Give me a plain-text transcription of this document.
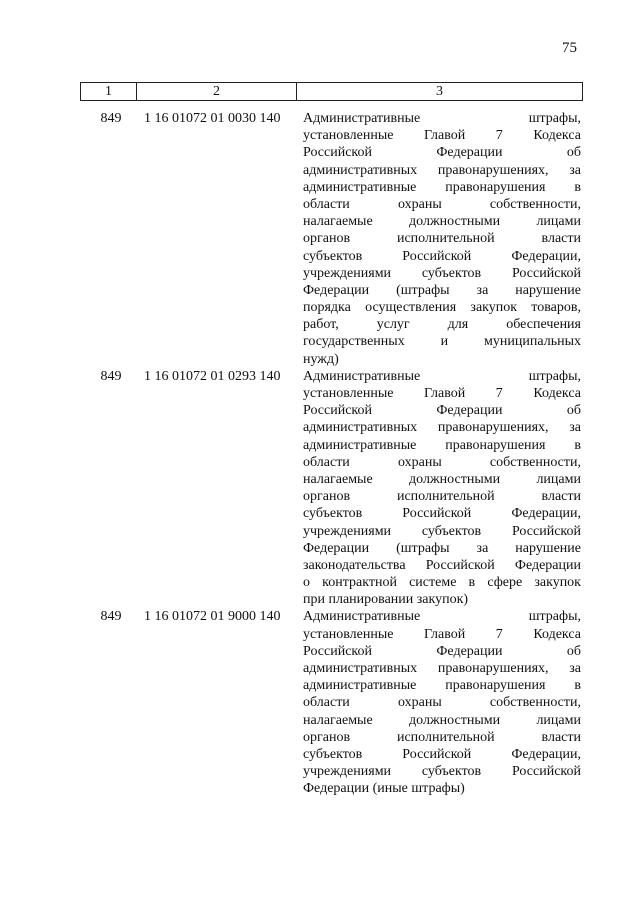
75
1	2	3
849	1 16 01072 01 0030 140	Административные штрафы,
установленные Главой 7 Кодекса
Российской Федерации об
административных правонарушениях, за
административные правонарушения в
области охраны собственности,
налагаемые должностными лицами
органов исполнительной власти
субъектов Российской Федерации,
учреждениями субъектов Российской
Федерации (штрафы за нарушение
порядка осуществления закупок товаров,
работ, услуг для обеспечения
государственных и муниципальных
нужд)
849	1 16 01072 01 0293 140	Административные штрафы,
установленные Главой 7 Кодекса
Российской Федерации об
административных правонарушениях, за
административные правонарушения в
области охраны собственности,
налагаемые должностными лицами
органов исполнительной власти
субъектов Российской Федерации,
учреждениями субъектов Российской
Федерации (штрафы за нарушение
законодательства Российской Федерации
о контрактной системе в сфере закупок
при планировании закупок)
849	1 16 01072 01 9000 140	Административные штрафы,
установленные Главой 7 Кодекса
Российской Федерации об
административных правонарушениях, за
административные правонарушения в
области охраны собственности,
налагаемые должностными лицами
органов исполнительной власти
субъектов Российской Федерации,
учреждениями субъектов Российской
Федерации (иные штрафы)
